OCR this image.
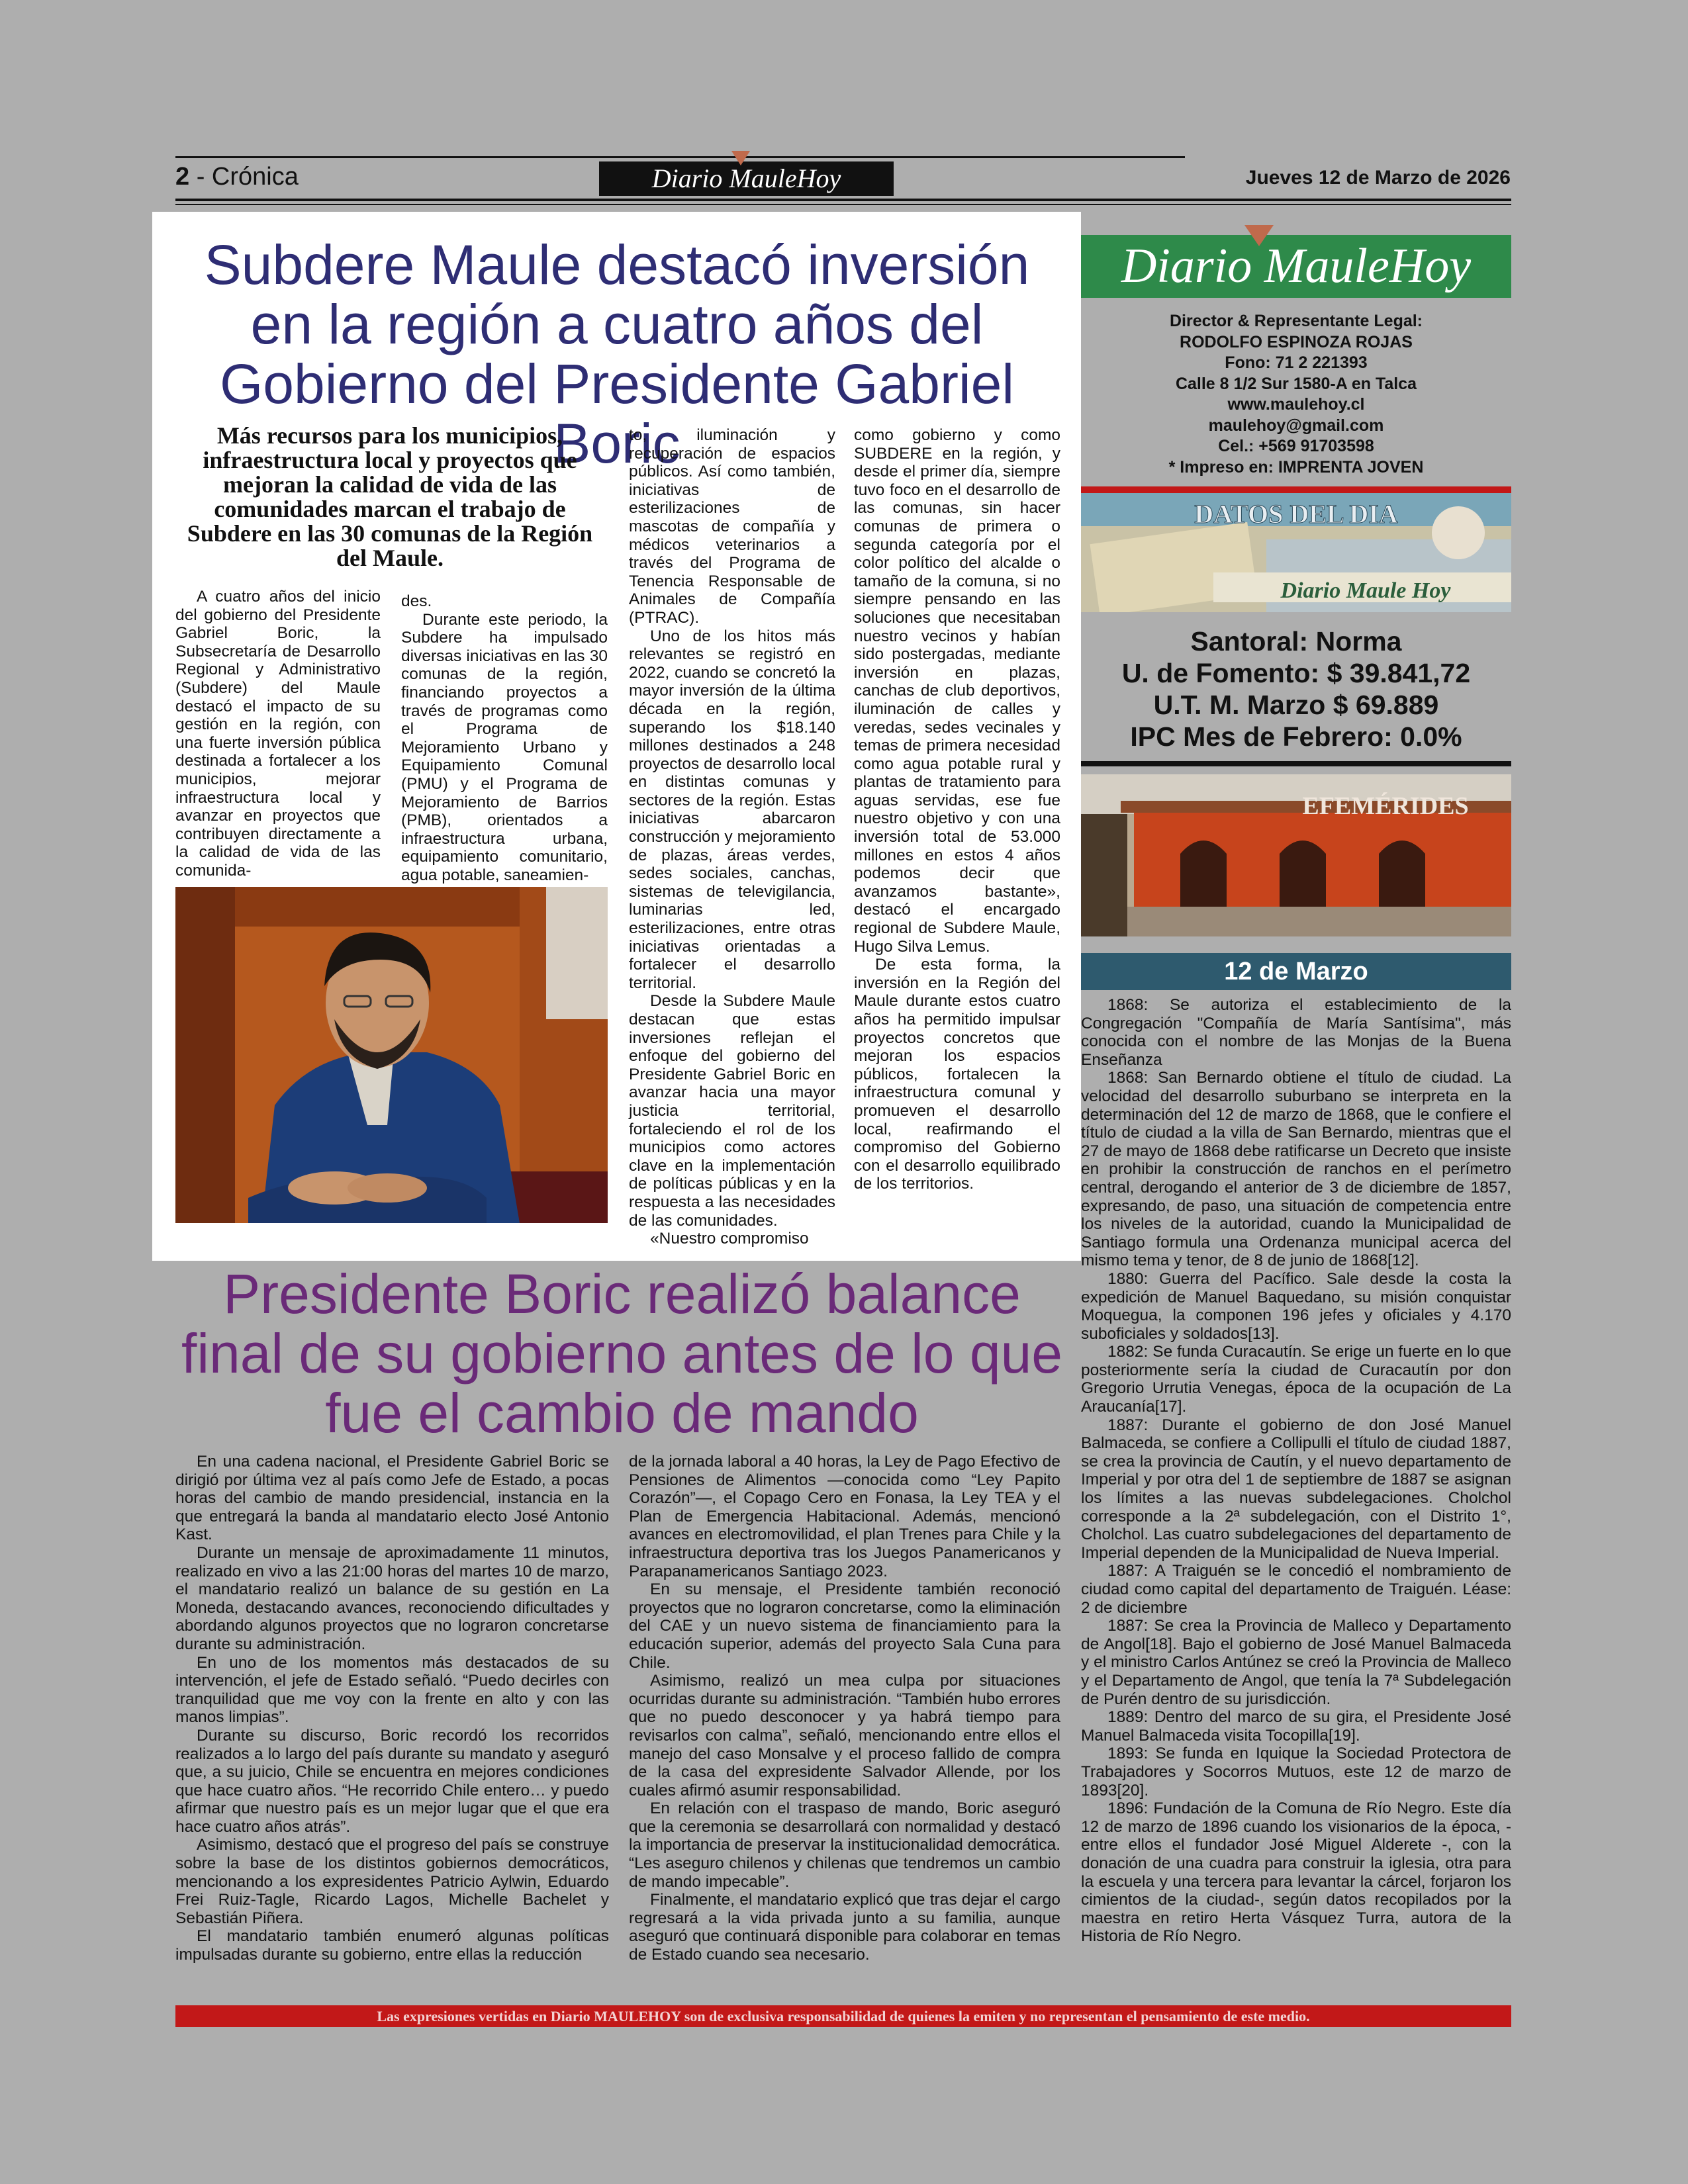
2 - Crónica	Diario MauleHoy	Jueves 12 de Marzo de 2026
Subdere Maule destacó inversión en la región a cuatro años del Gobierno del Presidente Gabriel Boric
Más recursos para los municipios, infraestructura local y proyectos que mejoran la calidad de vida de las comunidades marcan el trabajo de Subdere en las 30 comunas de la Región del Maule.

A cuatro años del inicio del gobierno del Presidente Gabriel Boric, la Subsecretaría de Desarrollo Regional y Administrativo (Subdere) del Maule destacó el impacto de su gestión en la región, con una fuerte inversión pública destinada a fortalecer a los municipios, mejorar infraestructura local y avanzar en proyectos que contribuyen directamente a la calidad de vida de las comunida-

des.

Durante este periodo, la Subdere ha impulsado diversas iniciativas en las 30 comunas de la región, financiando proyectos a través de programas como el Programa de Mejoramiento Urbano y Equipamiento Comunal (PMU) y el Programa de Mejoramiento de Barrios (PMB), orientados a infraestructura urbana, equipamiento comunitario, agua potable, saneamien-

to, iluminación y recuperación de espacios públicos. Así como también, iniciativas de esterilizaciones de mascotas de compañía y médicos veterinarios a través del Programa de Tenencia Responsable de Animales de Compañía (PTRAC).

Uno de los hitos más relevantes se registró en 2022, cuando se concretó la mayor inversión de la última década en la región, superando los $18.140 millones destinados a 248 proyectos de desarrollo local en distintas comunas y sectores de la región. Estas iniciativas abarcaron construcción y mejoramiento de plazas, áreas verdes, sedes sociales, canchas, sistemas de televigilancia, luminarias led, esterilizaciones, entre otras iniciativas orientadas a fortalecer el desarrollo territorial.

Desde la Subdere Maule destacan que estas inversiones reflejan el enfoque del gobierno del Presidente Gabriel Boric en avanzar hacia una mayor justicia territorial, fortaleciendo el rol de los municipios como actores clave en la implementación de políticas públicas y en la respuesta a las necesidades de las comunidades.

«Nuestro compromiso

como gobierno y como SUBDERE en la región, y desde el primer día, siempre tuvo foco en el desarrollo de las comunas, sin hacer comunas de primera o segunda categoría por el color político del alcalde o tamaño de la comuna, si no siempre pensando en las soluciones que necesitaban nuestro vecinos y habían sido postergadas, mediante inversión en plazas, canchas de club deportivos, iluminación de calles y veredas, sedes vecinales y temas de primera necesidad como agua potable rural y plantas de tratamiento para aguas servidas, ese fue nuestro objetivo y con una inversión total de 53.000 millones en estos 4 años podemos decir que avanzamos bastante», destacó el encargado regional de Subdere Maule, Hugo Silva Lemus.

De esta forma, la inversión en la Región del Maule durante estos cuatro años ha permitido impulsar proyectos concretos que mejoran los espacios públicos, fortalecen la infraestructura comunal y promueven el desarrollo local, reafirmando el compromiso del Gobierno con el desarrollo equilibrado de los territorios.

Diario MauleHoy
Director & Representante Legal:
RODOLFO ESPINOZA ROJAS
Fono: 71 2 221393
Calle 8 1/2 Sur 1580-A en Talca
www.maulehoy.cl
maulehoy@gmail.com
Cel.: +569 91703598
* Impreso en: IMPRENTA JOVEN
DATOS DEL DIA
Diario Maule Hoy
Santoral: Norma
U. de Fomento: $ 39.841,72
U.T. M. Marzo $ 69.889
IPC Mes de Febrero: 0.0%
EFEMÉRIDES
12 de Marzo

1868: Se autoriza el establecimiento de la Congregación "Compañía de María Santísima", más conocida con el nombre de las Monjas de la Buena Enseñanza

1868: San Bernardo obtiene el título de ciudad. La velocidad del desarrollo suburbano se interpreta en la determinación del 12 de marzo de 1868, que le confiere el título de ciudad a la villa de San Bernardo, mientras que el 27 de mayo de 1868 debe ratificarse un Decreto que insiste en prohibir la construcción de ranchos en el perímetro central, derogando el anterior de 3 de diciembre de 1857, expresando, de paso, una situación de competencia entre los niveles de la autoridad, cuando la Municipalidad de Santiago formula una Ordenanza municipal acerca del mismo tema y tenor, de 8 de junio de 1868[12].

1880: Guerra del Pacífico. Sale desde la costa la expedición de Manuel Baquedano, su misión conquistar Moquegua, la componen 196 jefes y oficiales y 4.170 suboficiales y soldados[13].

1882: Se funda Curacautín. Se erige un fuerte en lo que posteriormente sería la ciudad de Curacautín por don Gregorio Urrutia Venegas, época de la ocupación de La Araucanía[17].

1887: Durante el gobierno de don José Manuel Balmaceda, se confiere a Collipulli el título de ciudad 1887, se crea la provincia de Cautín, y el nuevo departamento de Imperial y por otra del 1 de septiembre de 1887 se asignan los límites a las nuevas subdelegaciones. Cholchol corresponde a la 2ª subdelegación, con el Distrito 1°, Cholchol. Las cuatro subdelegaciones del departamento de Imperial dependen de la Municipalidad de Nueva Imperial.

1887: A Traiguén se le concedió el nombramiento de ciudad como capital del departamento de Traiguén. Léase: 2 de diciembre

1887: Se crea la Provincia de Malleco y Departamento de Angol[18]. Bajo el gobierno de José Manuel Balmaceda y el ministro Carlos Antúnez se creó la Provincia de Malleco y el Departamento de Angol, que tenía la 7ª Subdelegación de Purén dentro de su jurisdicción.

1889: Dentro del marco de su gira, el Presidente José Manuel Balmaceda visita Tocopilla[19].

1893: Se funda en Iquique la Sociedad Protectora de Trabajadores y Socorros Mutuos, este 12 de marzo de 1893[20].

1896: Fundación de la Comuna de Río Negro. Este día 12 de marzo de 1896 cuando los visionarios de la época, - entre ellos el fundador José Miguel Alderete -, con la donación de una cuadra para construir la iglesia, otra para la escuela y una tercera para levantar la cárcel, forjaron los cimientos de la ciudad-, según datos recopilados por la maestra en retiro Herta Vásquez Turra, autora de la Historia de Río Negro.

Presidente Boric realizó balance final de su gobierno antes de lo que fue el cambio de mando

En una cadena nacional, el Presidente Gabriel Boric se dirigió por última vez al país como Jefe de Estado, a pocas horas del cambio de mando presidencial, instancia en la que entregará la banda al mandatario electo José Antonio Kast.

Durante un mensaje de aproximadamente 11 minutos, realizado en vivo a las 21:00 horas del martes 10 de marzo, el mandatario realizó un balance de su gestión en La Moneda, destacando avances, reconociendo dificultades y abordando algunos proyectos que no lograron concretarse durante su administración.

En uno de los momentos más destacados de su intervención, el jefe de Estado señaló. “Puedo decirles con tranquilidad que me voy con la frente en alto y con las manos limpias”.

Durante su discurso, Boric recordó los recorridos realizados a lo largo del país durante su mandato y aseguró que, a su juicio, Chile se encuentra en mejores condiciones que hace cuatro años. “He recorrido Chile entero… y puedo afirmar que nuestro país es un mejor lugar que el que era hace cuatro años atrás”.

Asimismo, destacó que el progreso del país se construye sobre la base de los distintos gobiernos democráticos, mencionando a los expresidentes Patricio Aylwin, Eduardo Frei Ruiz-Tagle, Ricardo Lagos, Michelle Bachelet y Sebastián Piñera.

El mandatario también enumeró algunas políticas impulsadas durante su gobierno, entre ellas la reducción

de la jornada laboral a 40 horas, la Ley de Pago Efectivo de Pensiones de Alimentos —conocida como “Ley Papito Corazón”—, el Copago Cero en Fonasa, la Ley TEA y el Plan de Emergencia Habitacional. Además, mencionó avances en electromovilidad, el plan Trenes para Chile y la infraestructura deportiva tras los Juegos Panamericanos y Parapanamericanos Santiago 2023.

En su mensaje, el Presidente también reconoció proyectos que no lograron concretarse, como la eliminación del CAE y un nuevo sistema de financiamiento para la educación superior, además del proyecto Sala Cuna para Chile.

Asimismo, realizó un mea culpa por situaciones ocurridas durante su administración. “También hubo errores que no puedo desconocer y ya habrá tiempo para revisarlos con calma”, señaló, mencionando entre ellos el manejo del caso Monsalve y el proceso fallido de compra de la casa del expresidente Salvador Allende, por los cuales afirmó asumir responsabilidad.

En relación con el traspaso de mando, Boric aseguró que la ceremonia se desarrollará con normalidad y destacó la importancia de preservar la institucionalidad democrática. “Les aseguro chilenos y chilenas que tendremos un cambio de mando impecable”.

Finalmente, el mandatario explicó que tras dejar el cargo regresará a la vida privada junto a su familia, aunque aseguró que continuará disponible para colaborar en temas de Estado cuando sea necesario.

Las expresiones vertidas en Diario MAULEHOY son de exclusiva responsabilidad de quienes la emiten y no representan el pensamiento de este medio.
